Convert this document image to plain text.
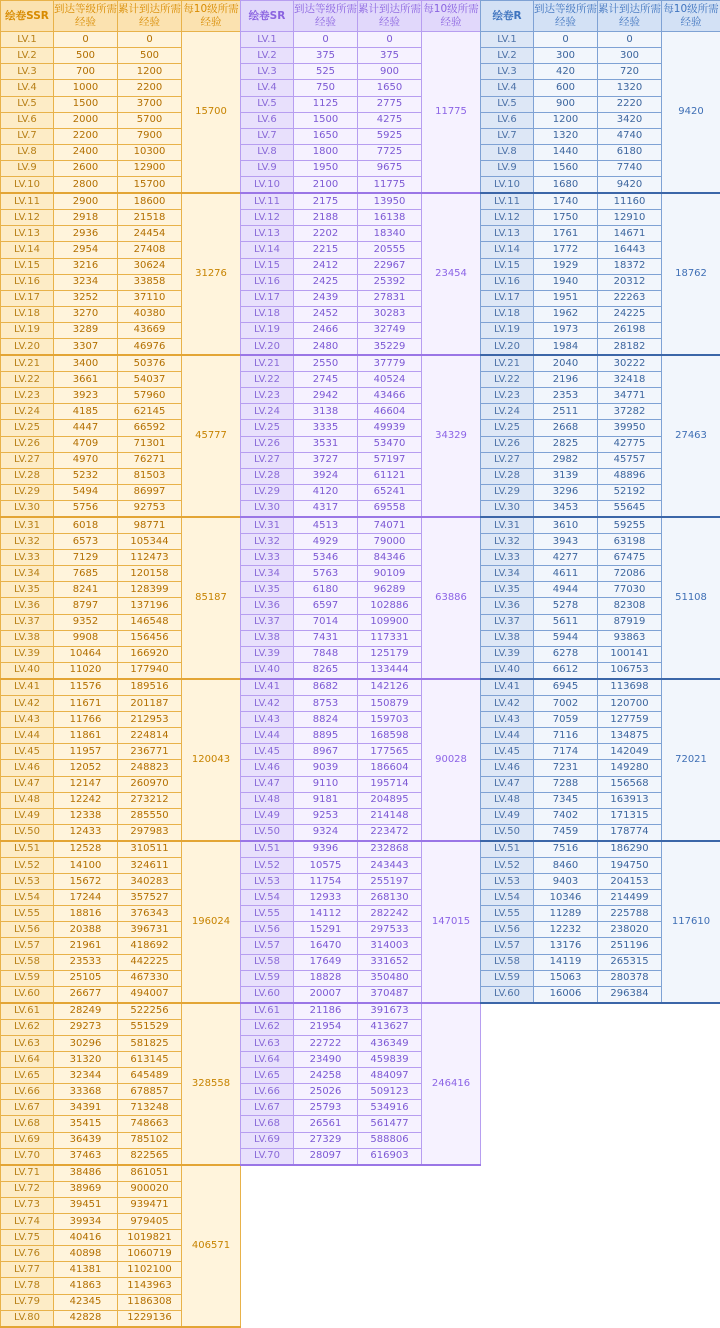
绘卷SSR	到达等级所需经验	累计到达所需经验	每10级所需经验
LV.1	0	0	15700
LV.2	500	500	
LV.3	700	1200	
LV.4	1000	2200	
LV.5	1500	3700	
LV.6	2000	5700	
LV.7	2200	7900	
LV.8	2400	10300	
LV.9	2600	12900	
LV.10	2800	15700	
LV.11	2900	18600	31276
LV.12	2918	21518	
LV.13	2936	24454	
LV.14	2954	27408	
LV.15	3216	30624	
LV.16	3234	33858	
LV.17	3252	37110	
LV.18	3270	40380	
LV.19	3289	43669	
LV.20	3307	46976	
LV.21	3400	50376	45777
LV.22	3661	54037	
LV.23	3923	57960	
LV.24	4185	62145	
LV.25	4447	66592	
LV.26	4709	71301	
LV.27	4970	76271	
LV.28	5232	81503	
LV.29	5494	86997	
LV.30	5756	92753	
LV.31	6018	98771	85187
LV.32	6573	105344	
LV.33	7129	112473	
LV.34	7685	120158	
LV.35	8241	128399	
LV.36	8797	137196	
LV.37	9352	146548	
LV.38	9908	156456	
LV.39	10464	166920	
LV.40	11020	177940	
LV.41	11576	189516	120043
LV.42	11671	201187	
LV.43	11766	212953	
LV.44	11861	224814	
LV.45	11957	236771	
LV.46	12052	248823	
LV.47	12147	260970	
LV.48	12242	273212	
LV.49	12338	285550	
LV.50	12433	297983	
LV.51	12528	310511	196024
LV.52	14100	324611	
LV.53	15672	340283	
LV.54	17244	357527	
LV.55	18816	376343	
LV.56	20388	396731	
LV.57	21961	418692	
LV.58	23533	442225	
LV.59	25105	467330	
LV.60	26677	494007	
LV.61	28249	522256	328558
LV.62	29273	551529	
LV.63	30296	581825	
LV.64	31320	613145	
LV.65	32344	645489	
LV.66	33368	678857	
LV.67	34391	713248	
LV.68	35415	748663	
LV.69	36439	785102	
LV.70	37463	822565	
LV.71	38486	861051	406571
LV.72	38969	900020	
LV.73	39451	939471	
LV.74	39934	979405	
LV.75	40416	1019821	
LV.76	40898	1060719	
LV.77	41381	1102100	
LV.78	41863	1143963	
LV.79	42345	1186308	
LV.80	42828	1229136	
绘卷SR	到达等级所需经验	累计到达所需经验	每10级所需经验
LV.1	0	0	11775
LV.2	375	375	
LV.3	525	900	
LV.4	750	1650	
LV.5	1125	2775	
LV.6	1500	4275	
LV.7	1650	5925	
LV.8	1800	7725	
LV.9	1950	9675	
LV.10	2100	11775	
LV.11	2175	13950	23454
LV.12	2188	16138	
LV.13	2202	18340	
LV.14	2215	20555	
LV.15	2412	22967	
LV.16	2425	25392	
LV.17	2439	27831	
LV.18	2452	30283	
LV.19	2466	32749	
LV.20	2480	35229	
LV.21	2550	37779	34329
LV.22	2745	40524	
LV.23	2942	43466	
LV.24	3138	46604	
LV.25	3335	49939	
LV.26	3531	53470	
LV.27	3727	57197	
LV.28	3924	61121	
LV.29	4120	65241	
LV.30	4317	69558	
LV.31	4513	74071	63886
LV.32	4929	79000	
LV.33	5346	84346	
LV.34	5763	90109	
LV.35	6180	96289	
LV.36	6597	102886	
LV.37	7014	109900	
LV.38	7431	117331	
LV.39	7848	125179	
LV.40	8265	133444	
LV.41	8682	142126	90028
LV.42	8753	150879	
LV.43	8824	159703	
LV.44	8895	168598	
LV.45	8967	177565	
LV.46	9039	186604	
LV.47	9110	195714	
LV.48	9181	204895	
LV.49	9253	214148	
LV.50	9324	223472	
LV.51	9396	232868	147015
LV.52	10575	243443	
LV.53	11754	255197	
LV.54	12933	268130	
LV.55	14112	282242	
LV.56	15291	297533	
LV.57	16470	314003	
LV.58	17649	331652	
LV.59	18828	350480	
LV.60	20007	370487	
LV.61	21186	391673	246416
LV.62	21954	413627	
LV.63	22722	436349	
LV.64	23490	459839	
LV.65	24258	484097	
LV.66	25026	509123	
LV.67	25793	534916	
LV.68	26561	561477	
LV.69	27329	588806	
LV.70	28097	616903	
绘卷R	到达等级所需经验	累计到达所需经验	每10级所需经验
LV.1	0	0	9420
LV.2	300	300	
LV.3	420	720	
LV.4	600	1320	
LV.5	900	2220	
LV.6	1200	3420	
LV.7	1320	4740	
LV.8	1440	6180	
LV.9	1560	7740	
LV.10	1680	9420	
LV.11	1740	11160	18762
LV.12	1750	12910	
LV.13	1761	14671	
LV.14	1772	16443	
LV.15	1929	18372	
LV.16	1940	20312	
LV.17	1951	22263	
LV.18	1962	24225	
LV.19	1973	26198	
LV.20	1984	28182	
LV.21	2040	30222	27463
LV.22	2196	32418	
LV.23	2353	34771	
LV.24	2511	37282	
LV.25	2668	39950	
LV.26	2825	42775	
LV.27	2982	45757	
LV.28	3139	48896	
LV.29	3296	52192	
LV.30	3453	55645	
LV.31	3610	59255	51108
LV.32	3943	63198	
LV.33	4277	67475	
LV.34	4611	72086	
LV.35	4944	77030	
LV.36	5278	82308	
LV.37	5611	87919	
LV.38	5944	93863	
LV.39	6278	100141	
LV.40	6612	106753	
LV.41	6945	113698	72021
LV.42	7002	120700	
LV.43	7059	127759	
LV.44	7116	134875	
LV.45	7174	142049	
LV.46	7231	149280	
LV.47	7288	156568	
LV.48	7345	163913	
LV.49	7402	171315	
LV.50	7459	178774	
LV.51	7516	186290	117610
LV.52	8460	194750	
LV.53	9403	204153	
LV.54	10346	214499	
LV.55	11289	225788	
LV.56	12232	238020	
LV.57	13176	251196	
LV.58	14119	265315	
LV.59	15063	280378	
LV.60	16006	296384	
